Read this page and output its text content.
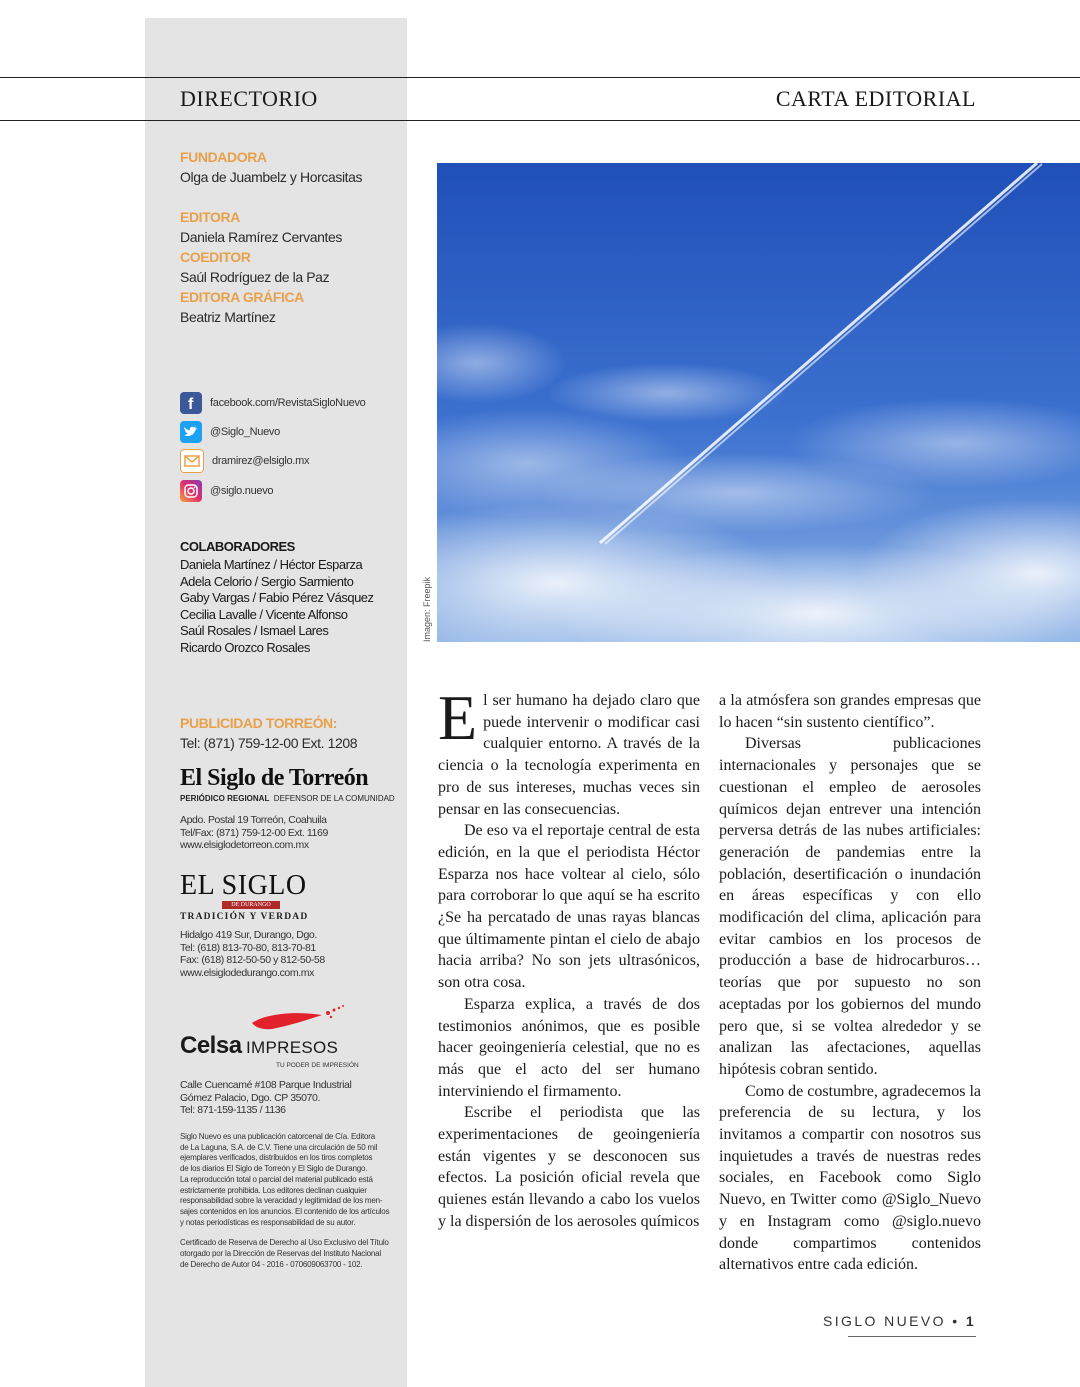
DIRECTORIO	CARTA EDITORIAL
FUNDADORA
Olga de Juambelz y Horcasitas
EDITORA
Daniela Ramírez Cervantes
COEDITOR
Saúl Rodríguez de la Paz
EDITORA GRÁFICA
Beatriz Martínez
f facebook.com/RevistaSigloNuevo
@Siglo_Nuevo
dramirez@elsiglo.mx
@siglo.nuevo
COLABORADORES
Daniela Martínez / Héctor Esparza
Adela Celorio / Sergio Sarmiento
Gaby Vargas / Fabio Pérez Vásquez
Cecilia Lavalle / Vicente Alfonso
Saúl Rosales / Ismael Lares
Ricardo Orozco Rosales
PUBLICIDAD TORREÓN:
Tel: (871) 759-12-00 Ext. 1208
El Siglo de Torreón
PERIÓDICO REGIONAL DEFENSOR DE LA COMUNIDAD
Apdo. Postal 19 Torreón, Coahuila
Tel/Fax: (871) 759-12-00 Ext. 1169
www.elsiglodetorreon.com.mx
EL SIGLO
DE DURANGO
TRADICIÓN Y VERDAD
Hidalgo 419 Sur, Durango, Dgo.
Tel: (618) 813-70-80, 813-70-81
Fax: (618) 812-50-50 y 812-50-58
www.elsiglodedurango.com.mx
Celsa IMPRESOS
TU PODER DE IMPRESIÓN
Calle Cuencamé #108 Parque Industrial
Gómez Palacio, Dgo. CP 35070.
Tel: 871-159-1135 / 1136
Siglo Nuevo es una publicación catorcenal de Cía. Editora
de La Laguna, S.A. de C.V. Tiene una circulación de 50 mil
ejemplares verificados, distribuidos en los tiros completos
de los diarios El Siglo de Torreón y El Siglo de Durango.
La reproducción total o parcial del material publicado está
estrictamente prohibida. Los editores declinan cualquier
responsabilidad sobre la veracidad y legitimidad de los men-
sajes contenidos en los anuncios. El contenido de los artículos
y notas periodísticas es responsabilidad de su autor.
Certificado de Reserva de Derecho al Uso Exclusivo del Título
otorgado por la Dirección de Reservas del Instituto Nacional
de Derecho de Autor 04 - 2016 - 070609063700 - 102.
Imagen: Freepik

El ser humano ha dejado claro que puede intervenir o modificar casi cualquier entorno. A través de la ciencia o la tecnología experimenta en pro de sus intereses, muchas veces sin pensar en las consecuencias.

De eso va el reportaje central de esta edición, en la que el periodista Héctor Esparza nos hace voltear al cielo, sólo para corroborar lo que aquí se ha escrito ¿Se ha percatado de unas rayas blancas que últimamente pintan el cielo de abajo hacia arriba? No son jets ultrasónicos, son otra cosa.

Esparza explica, a través de dos testimonios anónimos, que es posible hacer geoingeniería celestial, que no es más que el acto del ser humano interviniendo el firmamento.

Escribe el periodista que las experimentaciones de geoingeniería están vigentes y se desconocen sus efectos. La posición oficial revela que quienes están llevando a cabo los vuelos y la dispersión de los aerosoles químicos

a la atmósfera son grandes empresas que lo hacen “sin sustento científico”.

Diversas publicaciones internacionales y personajes que se cuestionan el empleo de aerosoles químicos dejan entrever una intención perversa detrás de las nubes artificiales: generación de pandemias entre la población, desertificación o inundación en áreas específicas y con ello modificación del clima, aplicación para evitar cambios en los procesos de producción a base de hidrocarburos… teorías que por supuesto no son aceptadas por los gobiernos del mundo pero que, si se voltea alrededor y se analizan las afectaciones, aquellas hipótesis cobran sentido.

Como de costumbre, agradecemos la preferencia de su lectura, y los invitamos a compartir con nosotros sus inquietudes a través de nuestras redes sociales, en Facebook como Siglo Nuevo, en Twitter como @Siglo_Nuevo y en Instagram como @siglo.nuevo donde compartimos contenidos alternativos entre cada edición.

SIGLO NUEVO • 1
